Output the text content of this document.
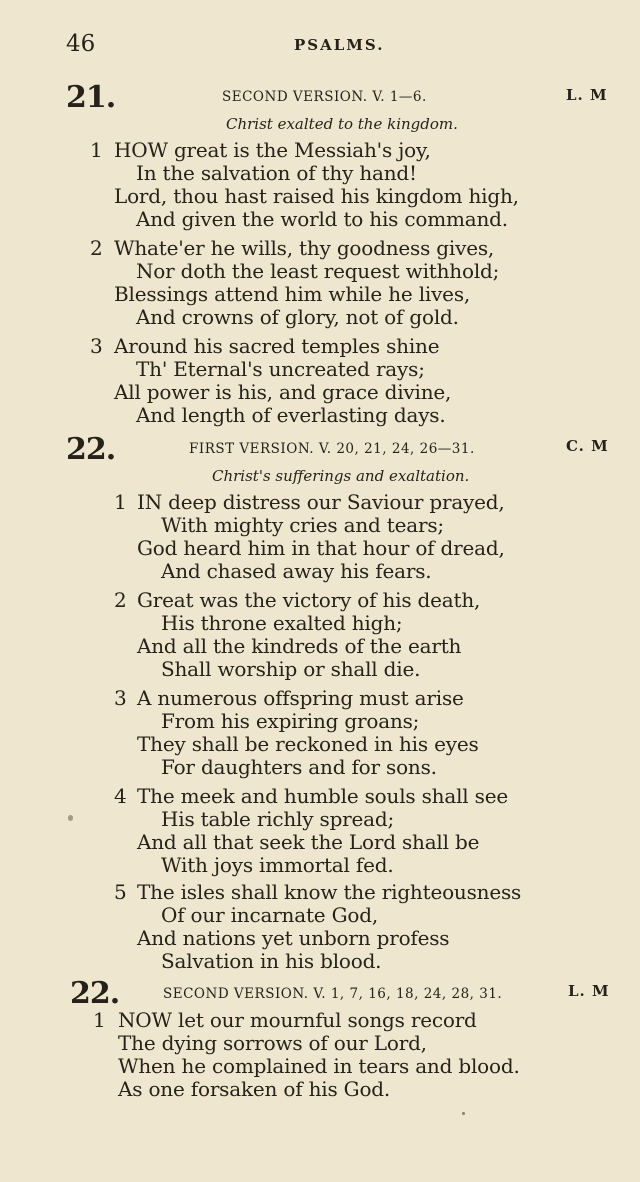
46	PSALMS.
21.	SECOND VERSION. V. 1—6.	L. M
Christ exalted to the kingdom.
1 HOW great is the Messiah's joy,
In the salvation of thy hand!
Lord, thou hast raised his kingdom high,
And given the world to his command.
2 Whate'er he wills, thy goodness gives,
Nor doth the least request withhold;
Blessings attend him while he lives,
And crowns of glory, not of gold.
3 Around his sacred temples shine
Th' Eternal's uncreated rays;
All power is his, and grace divine,
And length of everlasting days.
22.	FIRST VERSION. V. 20, 21, 24, 26—31.	C. M
Christ's sufferings and exaltation.
1 IN deep distress our Saviour prayed,
With mighty cries and tears;
God heard him in that hour of dread,
And chased away his fears.
2 Great was the victory of his death,
His throne exalted high;
And all the kindreds of the earth
Shall worship or shall die.
3 A numerous offspring must arise
From his expiring groans;
They shall be reckoned in his eyes
For daughters and for sons.
4 The meek and humble souls shall see
His table richly spread;
And all that seek the Lord shall be
With joys immortal fed.
5 The isles shall know the righteousness
Of our incarnate God,
And nations yet unborn profess
Salvation in his blood.
22.	SECOND VERSION. V. 1, 7, 16, 18, 24, 28, 31.	L. M
1 NOW let our mournful songs record
The dying sorrows of our Lord,
When he complained in tears and blood.
As one forsaken of his God.
